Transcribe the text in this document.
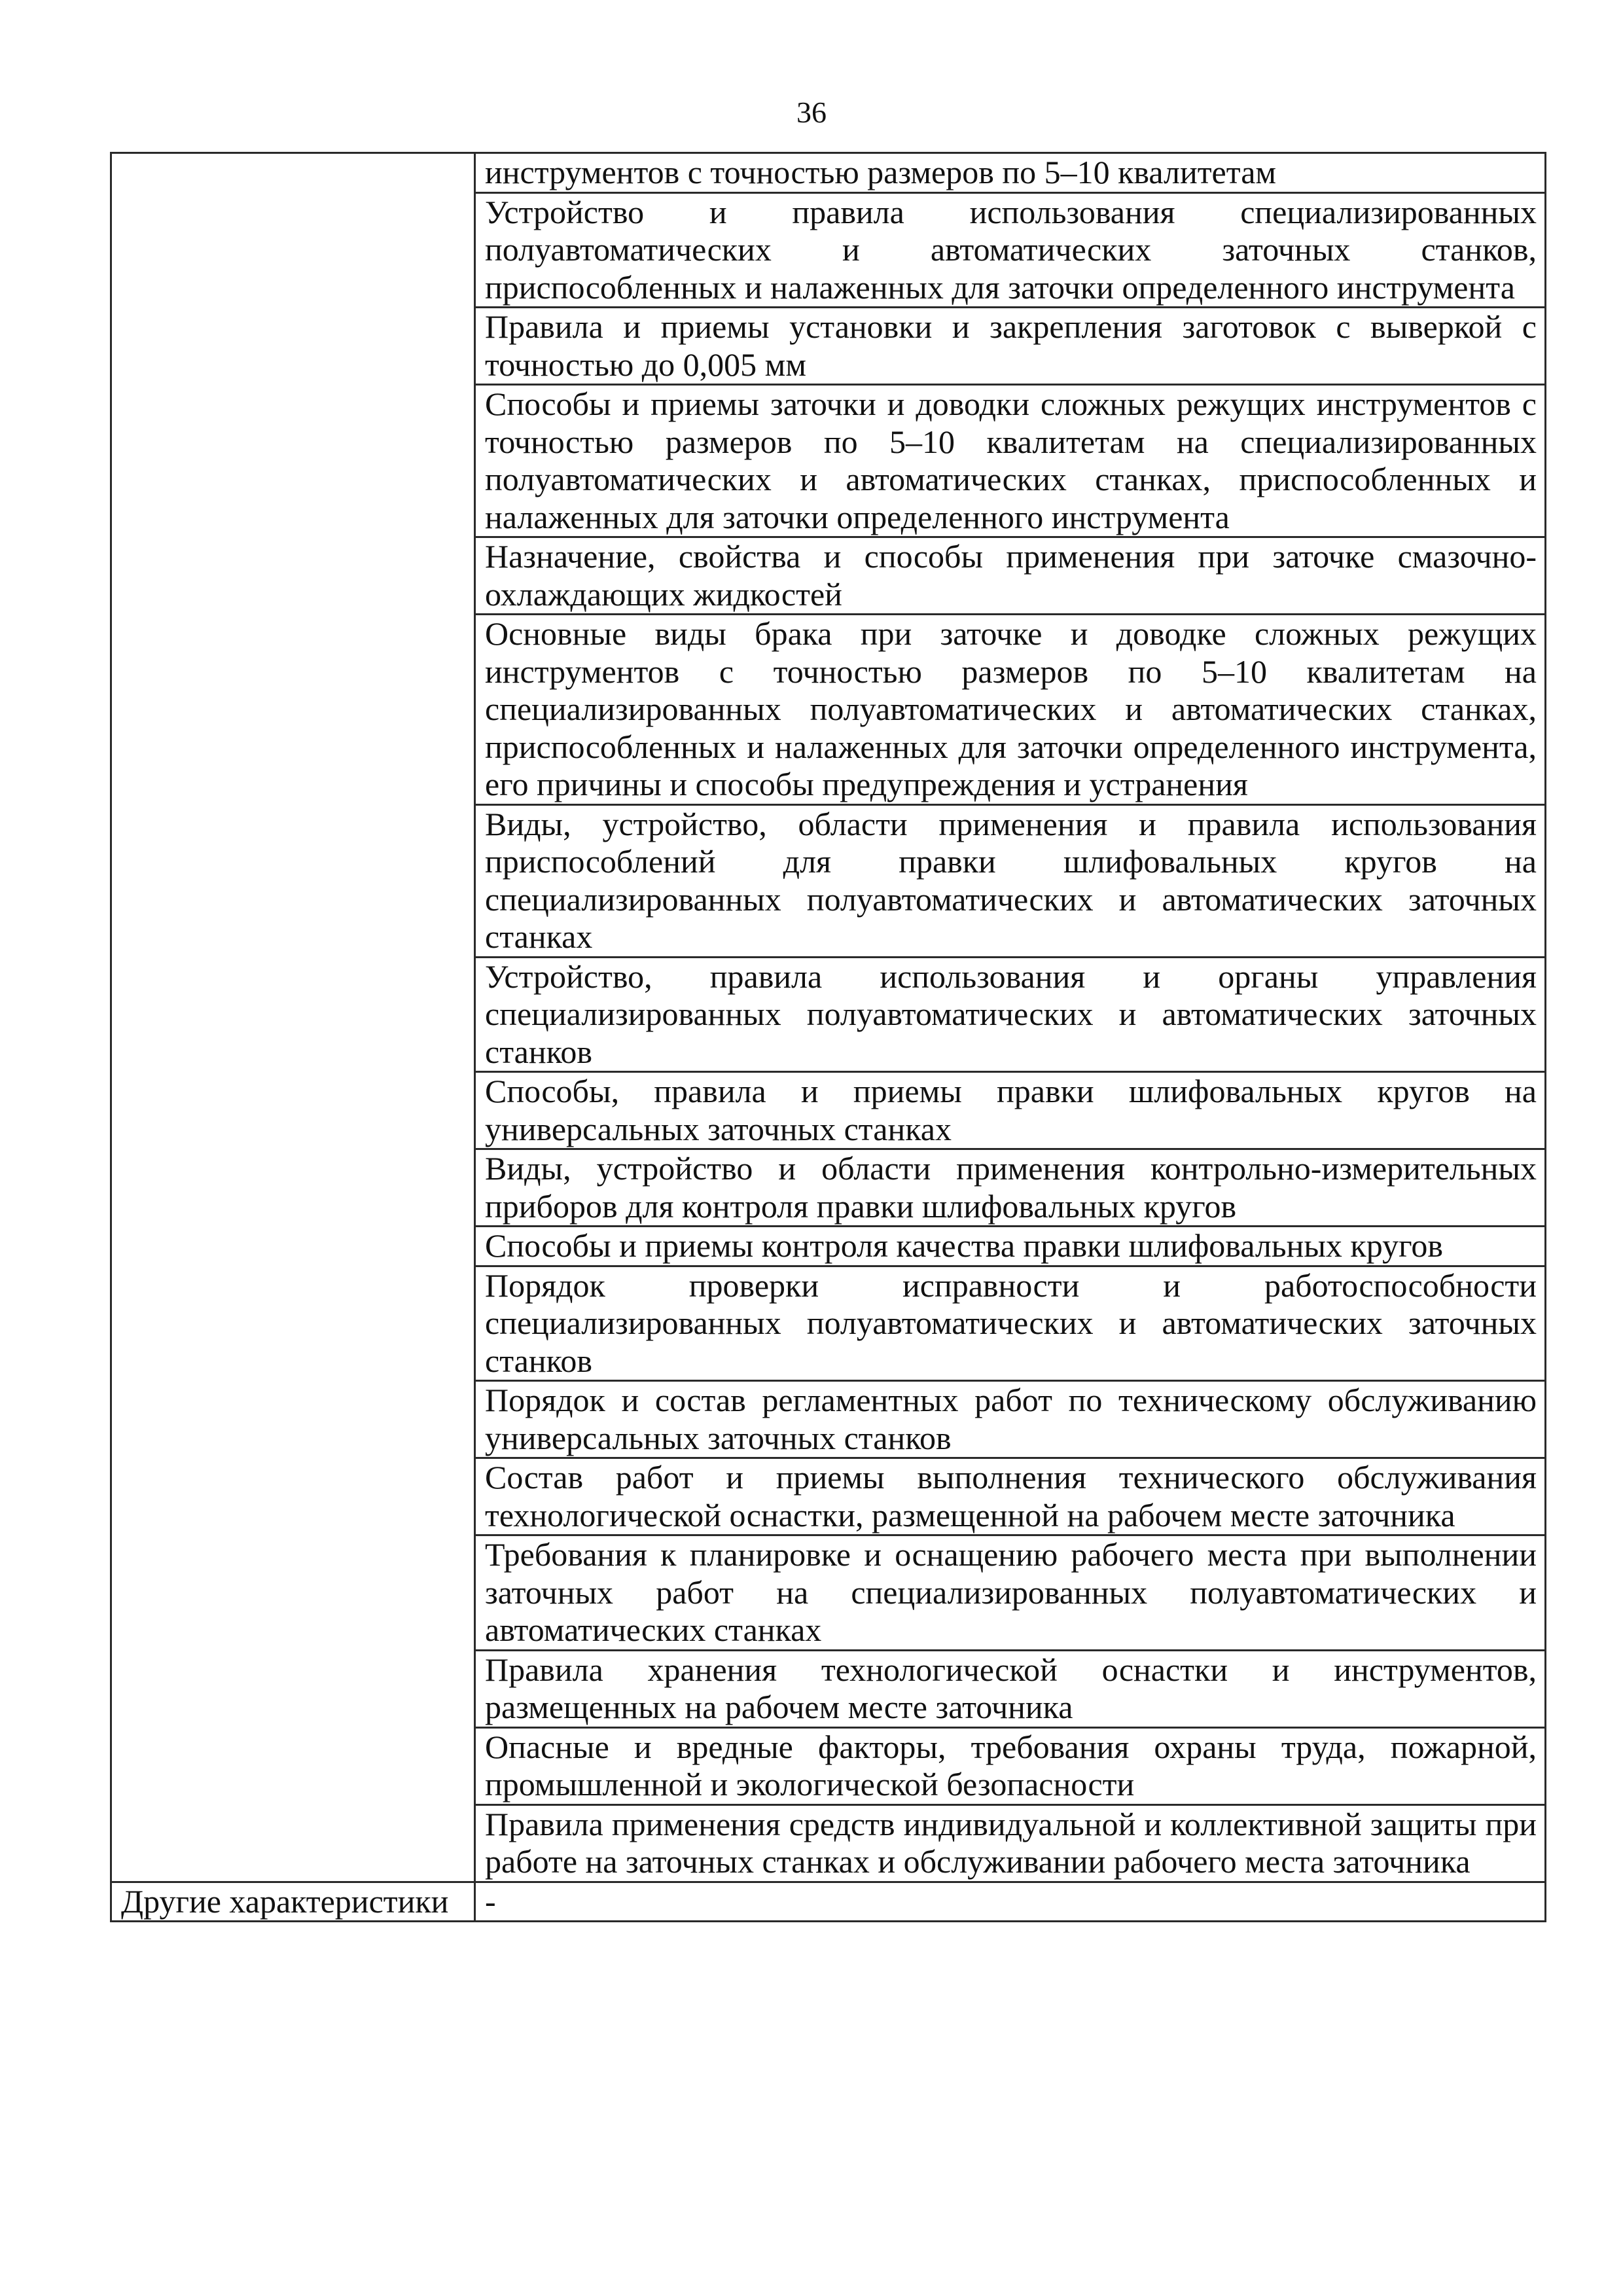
36
	инструментов с точностью размеров по 5–10 квалитетам
	Устройство и правила использования специализированных полуавтоматических и автоматических заточных станков, приспособленных и налаженных для заточки определенного инструмента
	Правила и приемы установки и закрепления заготовок с выверкой с точностью до 0,005 мм
	Способы и приемы заточки и доводки сложных режущих инструментов с точностью размеров по 5–10 квалитетам на специализированных полуавтоматических и автоматических станках, приспособленных и налаженных для заточки определенного инструмента
	Назначение, свойства и способы применения при заточке смазочно-охлаждающих жидкостей
	Основные виды брака при заточке и доводке сложных режущих инструментов с точностью размеров по 5–10 квалитетам на специализированных полуавтоматических и автоматических станках, приспособленных и налаженных для заточки определенного инструмента, его причины и способы предупреждения и устранения
	Виды, устройство, области применения и правила использования приспособлений для правки шлифовальных кругов на специализированных полуавтоматических и автоматических заточных станках
	Устройство, правила использования и органы управления специализированных полуавтоматических и автоматических заточных станков
	Способы, правила и приемы правки шлифовальных кругов на универсальных заточных станках
	Виды, устройство и области применения контрольно-измерительных приборов для контроля правки шлифовальных кругов
	Способы и приемы контроля качества правки шлифовальных кругов
	Порядок проверки исправности и работоспособности специализированных полуавтоматических и автоматических заточных станков
	Порядок и состав регламентных работ по техническому обслуживанию универсальных заточных станков
	Состав работ и приемы выполнения технического обслуживания технологической оснастки, размещенной на рабочем месте заточника
	Требования к планировке и оснащению рабочего места при выполнении заточных работ на специализированных полуавтоматических и автоматических станках
	Правила хранения технологической оснастки и инструментов, размещенных на рабочем месте заточника
	Опасные и вредные факторы, требования охраны труда, пожарной, промышленной и экологической безопасности
	Правила применения средств индивидуальной и коллективной защиты при работе на заточных станках и обслуживании рабочего места заточника
Другие характеристики	-
